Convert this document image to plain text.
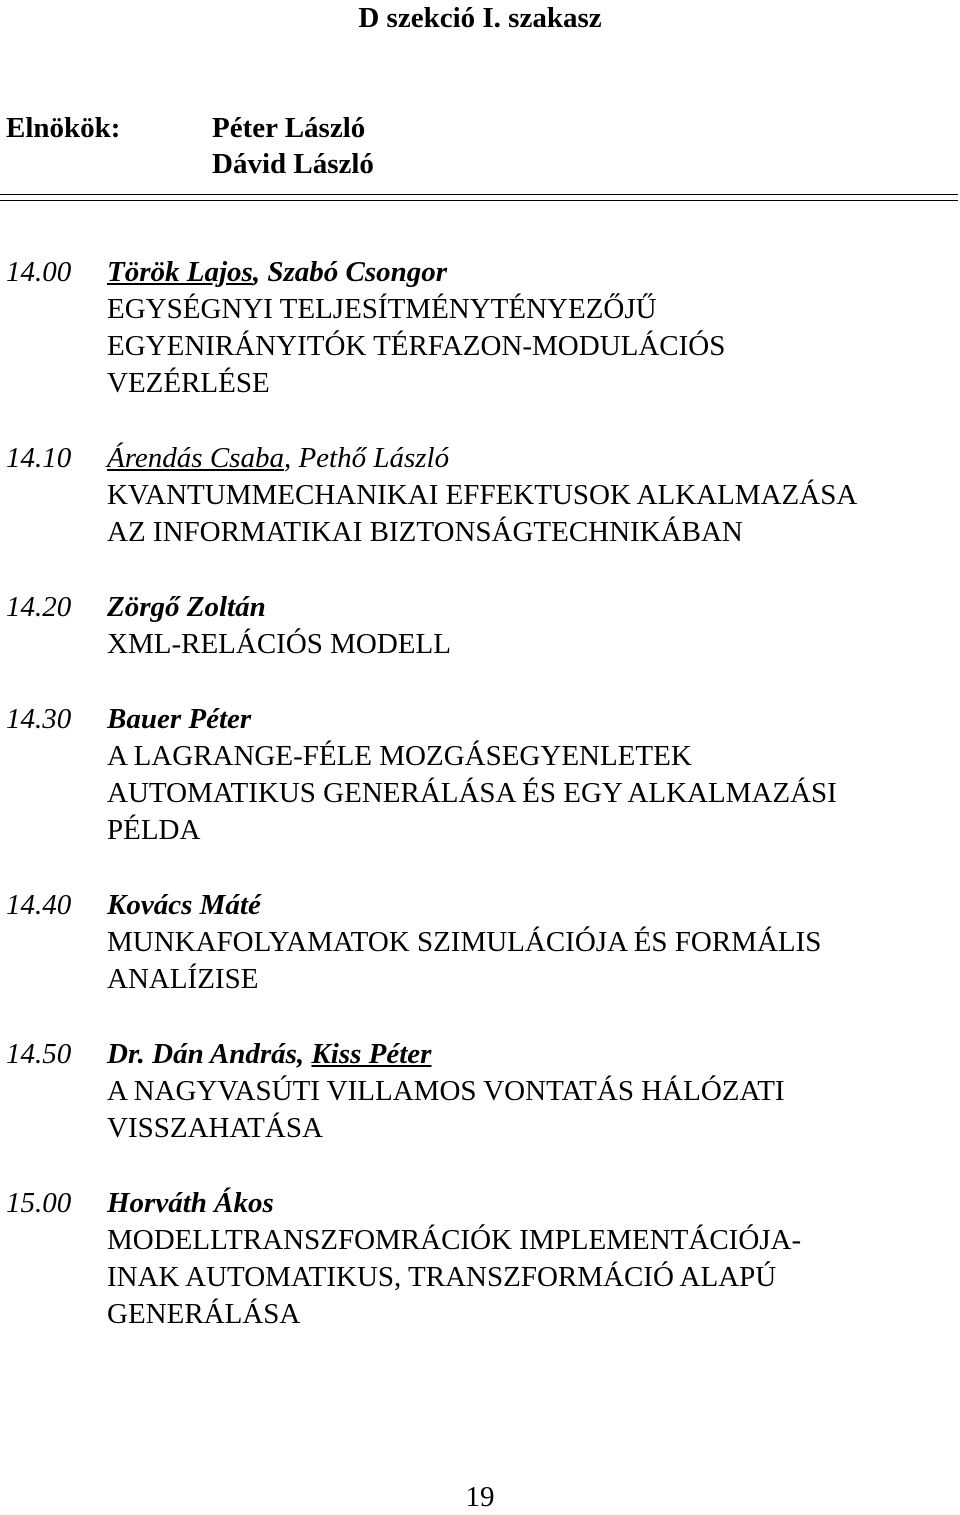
D szekció I. szakasz
Elnökök:	Péter László
Dávid László
14.00	Török Lajos, Szabó Csongor
EGYSÉGNYI TELJESÍTMÉNYTÉNYEZŐJŰ
EGYENIRÁNYITÓK TÉRFAZON-MODULÁCIÓS
VEZÉRLÉSE
14.10	Árendás Csaba, Pethő László
KVANTUMMECHANIKAI EFFEKTUSOK ALKALMAZÁSA
AZ INFORMATIKAI BIZTONSÁGTECHNIKÁBAN
14.20	Zörgő Zoltán
XML-RELÁCIÓS MODELL
14.30	Bauer Péter
A LAGRANGE-FÉLE MOZGÁSEGYENLETEK
AUTOMATIKUS GENERÁLÁSA ÉS EGY ALKALMAZÁSI
PÉLDA
14.40	Kovács Máté
MUNKAFOLYAMATOK SZIMULÁCIÓJA ÉS FORMÁLIS
ANALÍZISE
14.50	Dr. Dán András, Kiss Péter
A NAGYVASÚTI VILLAMOS VONTATÁS HÁLÓZATI
VISSZAHATÁSA
15.00	Horváth Ákos
MODELLTRANSZFOMRÁCIÓK IMPLEMENTÁCIÓJA-
INAK AUTOMATIKUS, TRANSZFORMÁCIÓ ALAPÚ
GENERÁLÁSA
19
